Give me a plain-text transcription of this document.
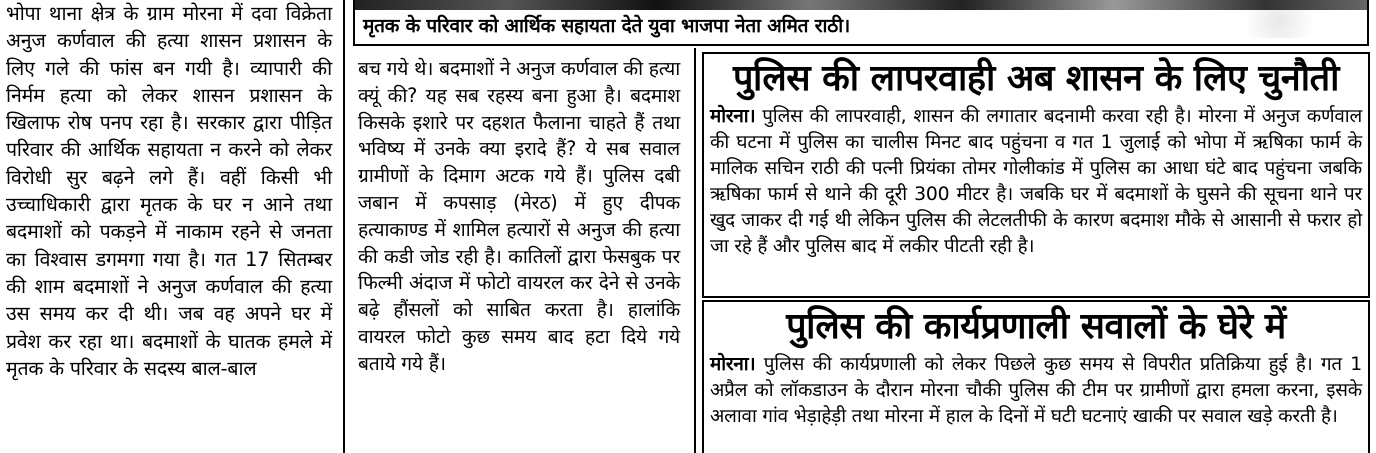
भोपा थाना क्षेत्र के ग्राम मोरना में दवा विक्रेता अनुज कर्णवाल की हत्या शासन प्रशासन के लिए गले की फांस बन गयी है। व्यापारी की निर्मम हत्या को लेकर शासन प्रशासन के खिलाफ रोष पनप रहा है। सरकार द्वारा पीड़ित परिवार की आर्थिक सहायता न करने को लेकर विरोधी सुर बढ़ने लगे हैं। वहीं किसी भी उच्चाधिकारी द्वारा मृतक के घर न आने तथा बदमाशों को पकड़ने में नाकाम रहने से जनता का विश्वास डगमगा गया है। गत 17 सितम्बर की शाम बदमाशों ने अनुज कर्णवाल की हत्या उस समय कर दी थी। जब वह अपने घर में प्रवेश कर रहा था। बदमाशों के घातक हमले में मृतक के परिवार के सदस्य बाल-बाल

मृतक के परिवार को आर्थिक सहायता देते युवा भाजपा नेता अमित राठी।

बच गये थे। बदमाशों ने अनुज कर्णवाल की हत्या क्यूं की? यह सब रहस्य बना हुआ है। बदमाश किसके इशारे पर दहशत फैलाना चाहते हैं तथा भविष्य में उनके क्या इरादे हैं? ये सब सवाल ग्रामीणों के दिमाग अटक गये हैं। पुलिस दबी जबान में कपसाड़ (मेरठ) में हुए दीपक हत्याकाण्ड में शामिल हत्यारों से अनुज की हत्या की कडी जोड रही है। कातिलों द्वारा फेसबुक पर फिल्मी अंदाज में फोटो वायरल कर देने से उनके बढ़े हौंसलों को साबित करता है। हालांकि वायरल फोटो कुछ समय बाद हटा दिये गये बताये गये हैं।

पुलिस की लापरवाही अब शासन के लिए चुनौती

मोरना। पुलिस की लापरवाही, शासन की लगातार बदनामी करवा रही है। मोरना में अनुज कर्णवाल की घटना में पुलिस का चालीस मिनट बाद पहुंचना व गत 1 जुलाई को भोपा में ऋषिका फार्म के मालिक सचिन राठी की पत्नी प्रियंका तोमर गोलीकांड में पुलिस का आधा घंटे बाद पहुंचना जबकि ऋषिका फार्म से थाने की दूरी 300 मीटर है। जबकि घर में बदमाशों के घुसने की सूचना थाने पर खुद जाकर दी गई थी लेकिन पुलिस की लेटलतीफी के कारण बदमाश मौके से आसानी से फरार हो जा रहे हैं और पुलिस बाद में लकीर पीटती रही है।

पुलिस की कार्यप्रणाली सवालों के घेरे में

मोरना। पुलिस की कार्यप्रणाली को लेकर पिछले कुछ समय से विपरीत प्रतिक्रिया हुई है। गत 1 अप्रैल को लॉकडाउन के दौरान मोरना चौकी पुलिस की टीम पर ग्रामीणों द्वारा हमला करना, इसके अलावा गांव भेड़ाहेड़ी तथा मोरना में हाल के दिनों में घटी घटनाएं खाकी पर सवाल खड़े करती है।
